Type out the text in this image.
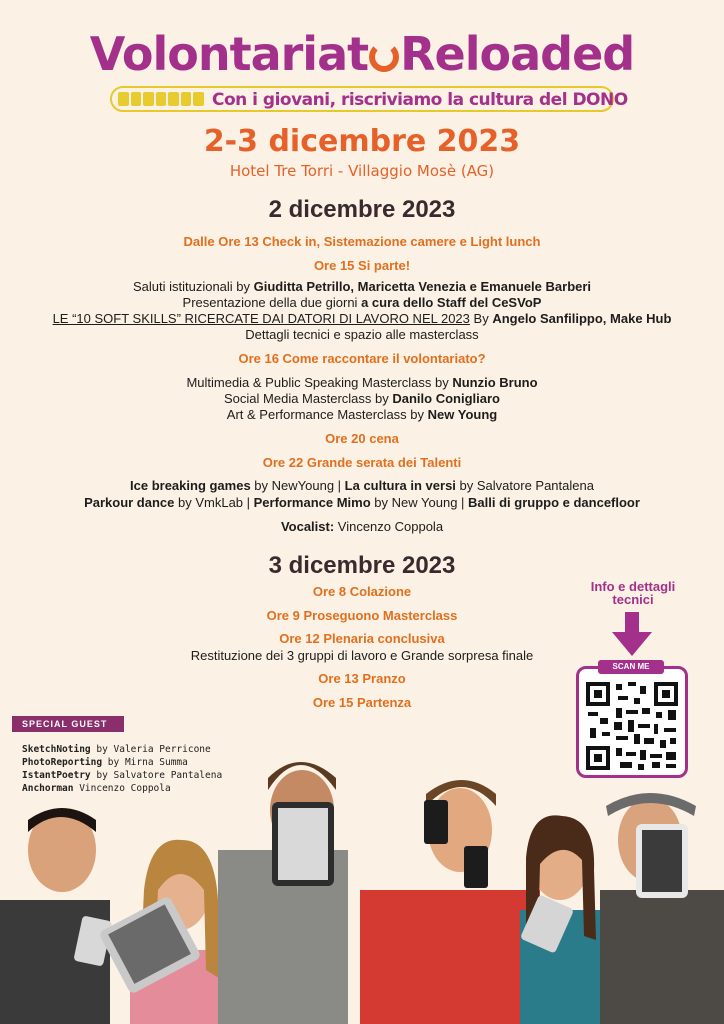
Volontariat Reloaded
Con i giovani, riscriviamo la cultura del DONO
2-3 dicembre 2023
Hotel Tre Torri - Villaggio Mosè (AG)
2 dicembre 2023
Dalle Ore 13 Check in, Sistemazione camere e Light lunch
Ore 15 Si parte!
Saluti istituzionali by Giuditta Petrillo, Maricetta Venezia e Emanuele Barberi
Presentazione della due giorni a cura dello Staff del CeSVoP
LE “10 SOFT SKILLS” RICERCATE DAI DATORI DI LAVORO NEL 2023 By Angelo Sanfilippo, Make Hub
Dettagli tecnici e spazio alle masterclass
Ore 16 Come raccontare il volontariato?
Multimedia & Public Speaking Masterclass by Nunzio Bruno
Social Media Masterclass by Danilo Conigliaro
Art & Performance Masterclass by New Young
Ore 20 cena
Ore 22 Grande serata dei Talenti
Ice breaking games by NewYoung | La cultura in versi by Salvatore Pantalena
Parkour dance by VmkLab | Performance Mimo by New Young | Balli di gruppo e dancefloor
Vocalist: Vincenzo Coppola
3 dicembre 2023
Ore 8 Colazione
Ore 9 Proseguono Masterclass
Ore 12 Plenaria conclusiva
Restituzione dei 3 gruppi di lavoro e Grande sorpresa finale
Ore 13 Pranzo
Ore 15 Partenza
SPECIAL GUEST
SketchNoting by Valeria Perricone
PhotoReporting by Mirna Summa
IstantPoetry by Salvatore Pantalena
Anchorman Vincenzo Coppola
Info e dettagli tecnici
SCAN ME
